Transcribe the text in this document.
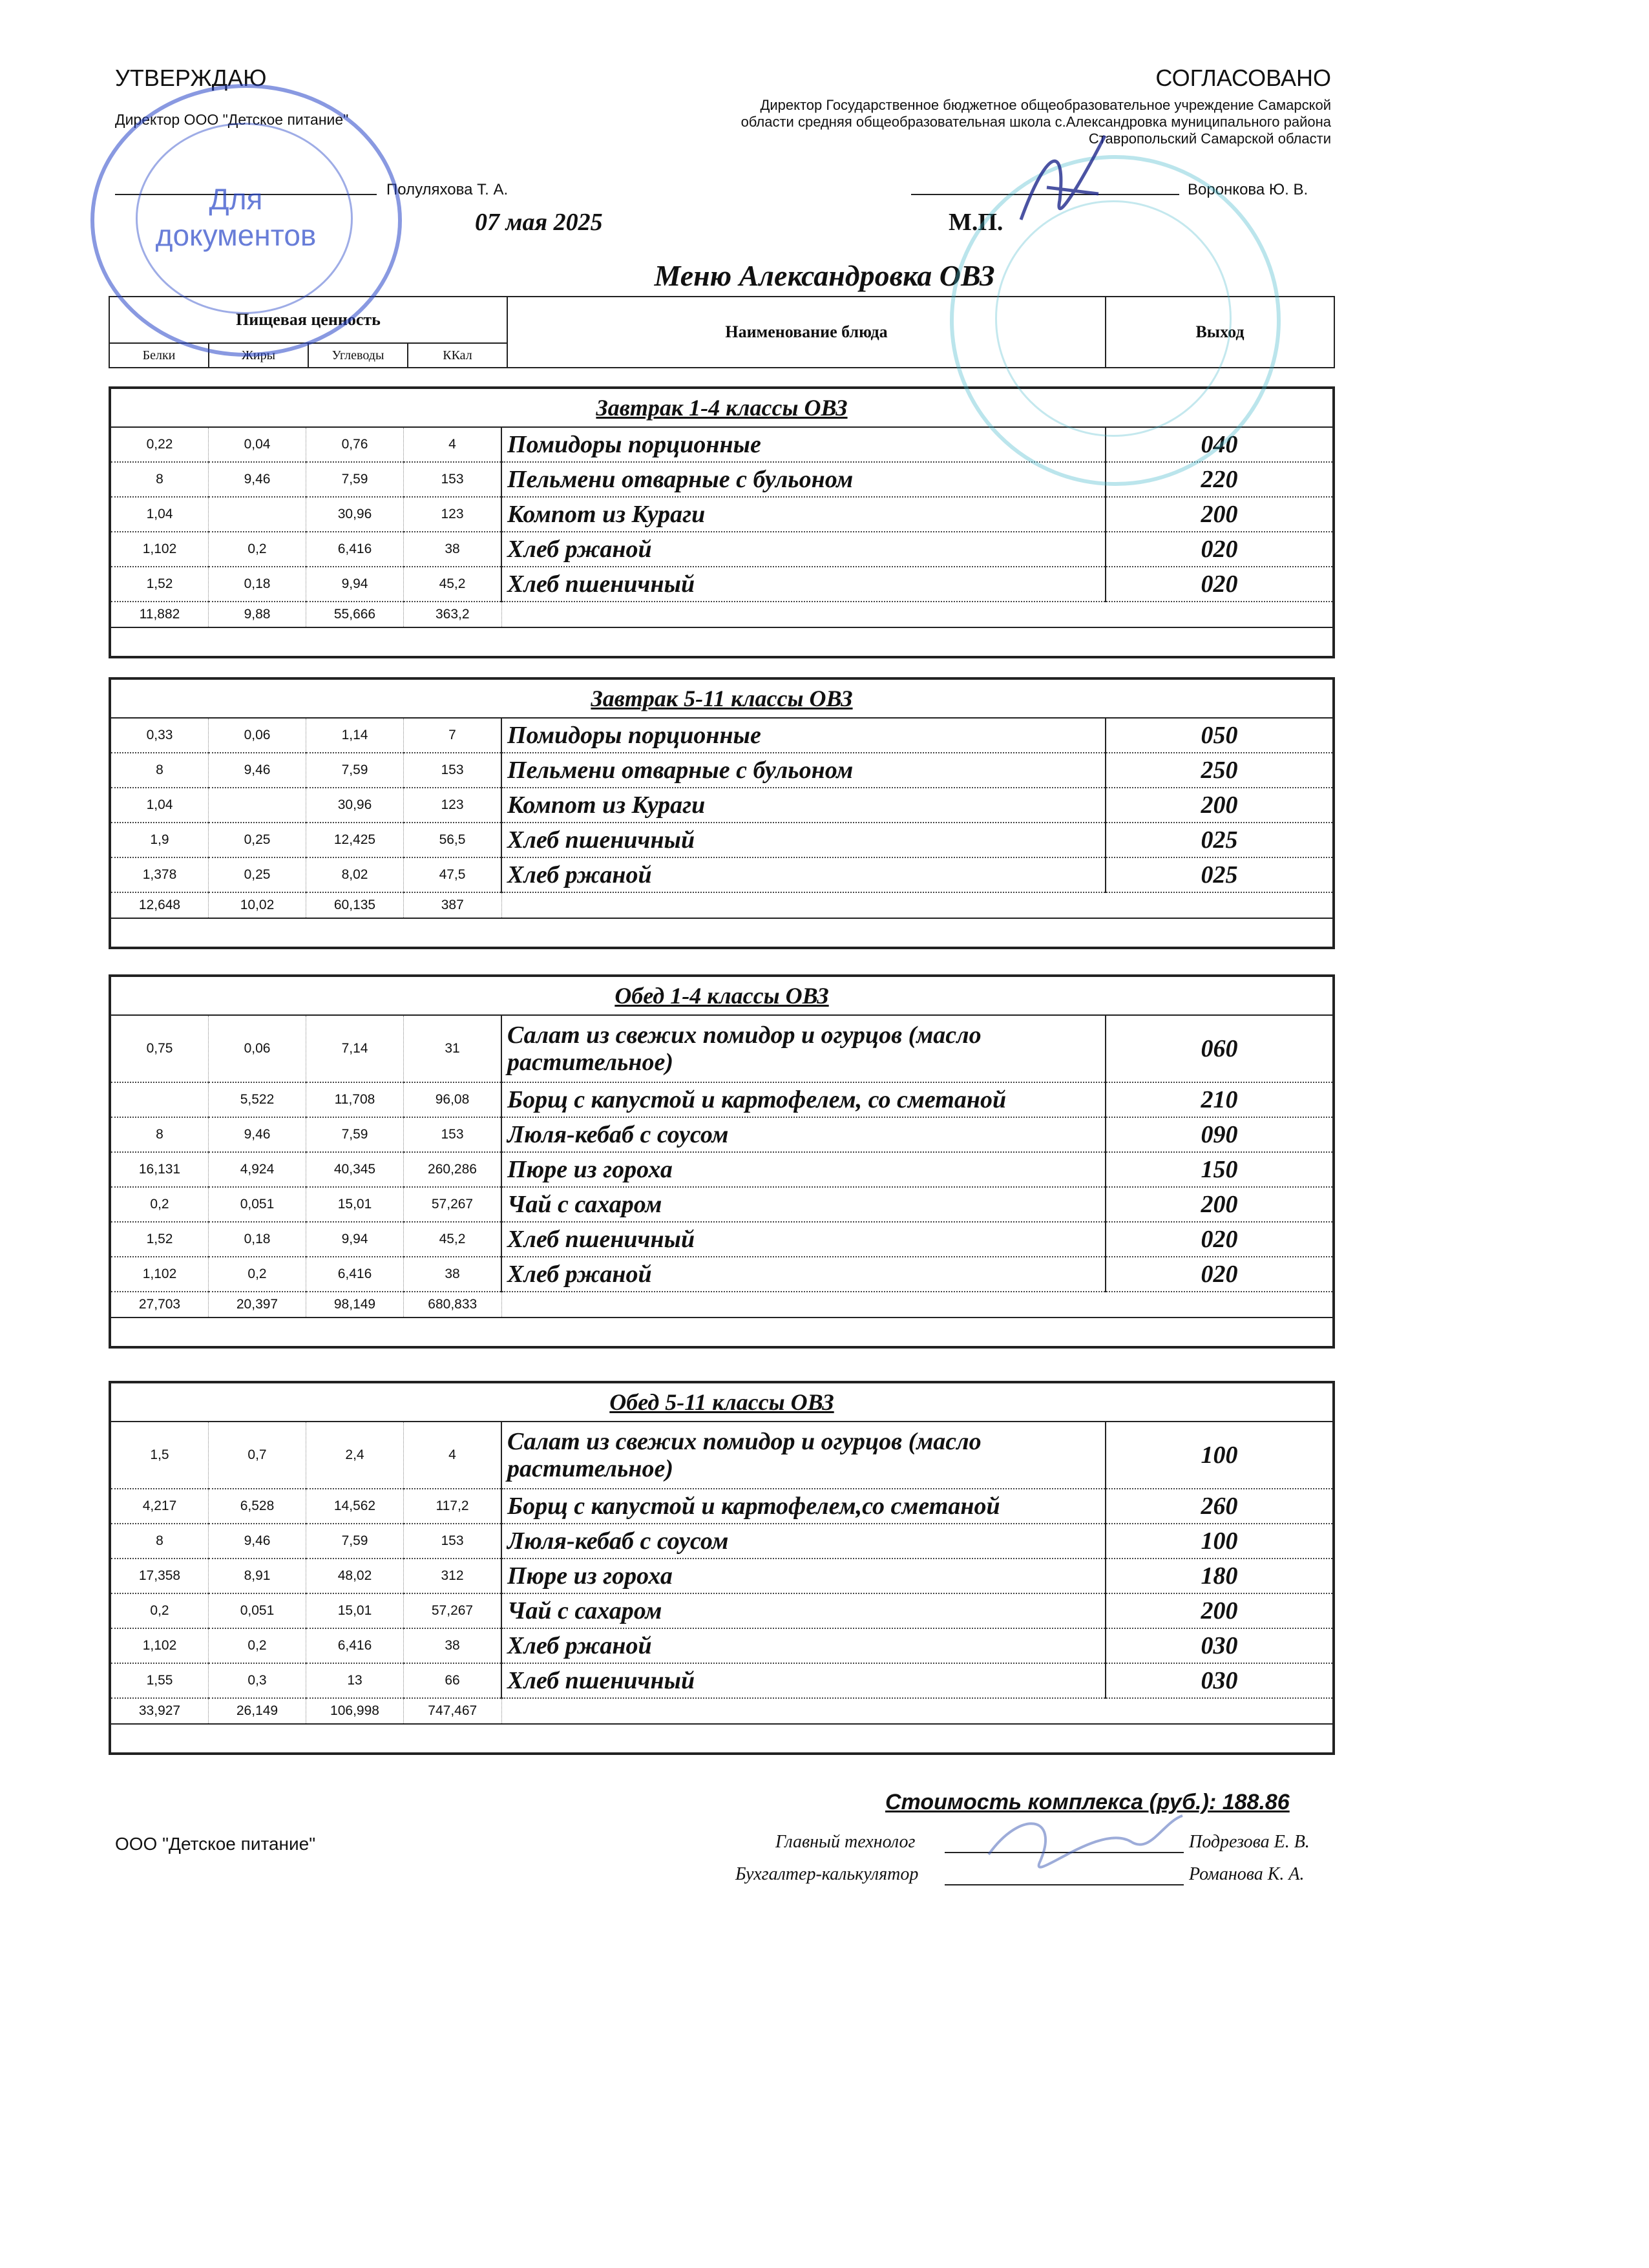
УТВЕРЖДАЮ
Директор ООО "Детское питание"
Полуляхова Т. А.
СОГЛАСОВАНО
Директор Государственное бюджетное общеобразовательное учреждение Самарской
области средняя общеобразовательная школа с.Александровка муниципального района
Ставропольский Самарской области
Воронкова Ю. В.
07 мая 2025	М.П.
Меню Александровка ОВЗ
Пищевая ценность				Наименование блюда	Выход
Белки	Жиры	Углеводы	ККал		
Завтрак 1-4 классы ОВЗ					
0,22	0,04	0,76	4	Помидоры порционные	040
8	9,46	7,59	153	Пельмени отварные с бульоном	220
1,04		30,96	123	Компот из Кураги	200
1,102	0,2	6,416	38	Хлеб ржаной	020
1,52	0,18	9,94	45,2	Хлеб пшеничный	020
11,882	9,88	55,666	363,2		

Завтрак 5-11 классы ОВЗ					
0,33	0,06	1,14	7	Помидоры порционные	050
8	9,46	7,59	153	Пельмени отварные с бульоном	250
1,04		30,96	123	Компот из Кураги	200
1,9	0,25	12,425	56,5	Хлеб пшеничный	025
1,378	0,25	8,02	47,5	Хлеб ржаной	025
12,648	10,02	60,135	387		

Обед 1-4 классы ОВЗ					
0,75	0,06	7,14	31	Салат из свежих помидор и огурцов (масло растительное)	060
	5,522	11,708	96,08	Борщ с капустой и картофелем, со сметаной	210
8	9,46	7,59	153	Люля-кебаб с соусом	090
16,131	4,924	40,345	260,286	Пюре из гороха	150
0,2	0,051	15,01	57,267	Чай с сахаром	200
1,52	0,18	9,94	45,2	Хлеб пшеничный	020
1,102	0,2	6,416	38	Хлеб ржаной	020
27,703	20,397	98,149	680,833		

Обед 5-11 классы ОВЗ					
1,5	0,7	2,4	4	Салат из свежих помидор и огурцов (масло растительное)	100
4,217	6,528	14,562	117,2	Борщ с капустой и картофелем,со сметаной	260
8	9,46	7,59	153	Люля-кебаб с соусом	100
17,358	8,91	48,02	312	Пюре из гороха	180
0,2	0,051	15,01	57,267	Чай с сахаром	200
1,102	0,2	6,416	38	Хлеб ржаной	030
1,55	0,3	13	66	Хлеб пшеничный	030
33,927	26,149	106,998	747,467		

Стоимость комплекса (руб.): 188.86
ООО "Детское питание"	Главный технолог	Подрезова Е. В.
Бухгалтер-калькулятор	Романова К. А.
Для документов
